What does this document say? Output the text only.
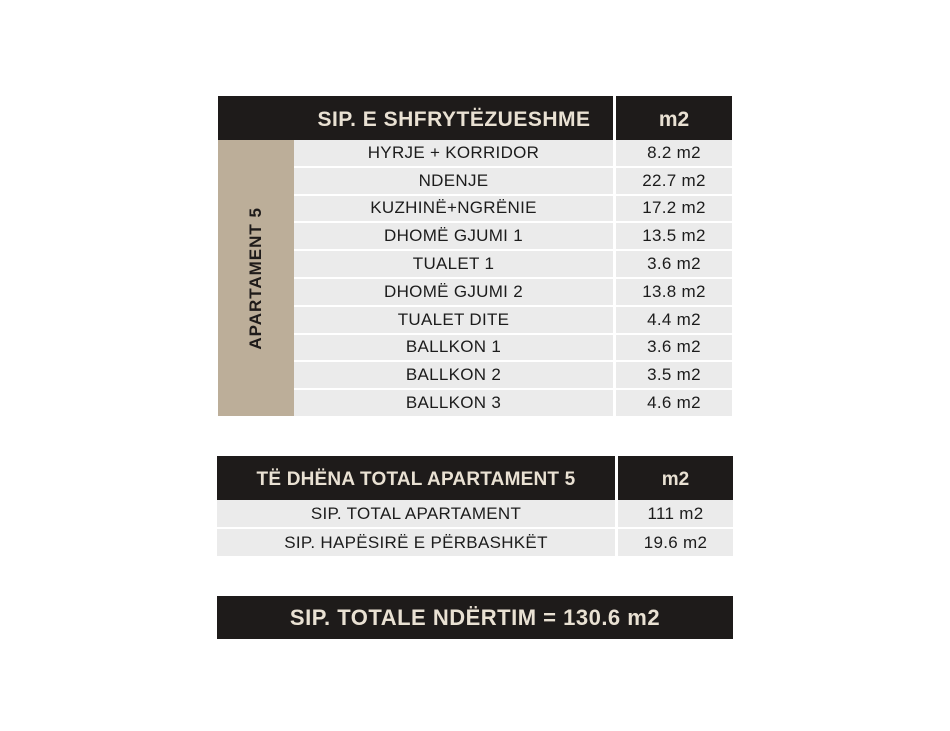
SIP. E SHFRYTËZUESHME	m2
APARTAMENT 5
HYRJE + KORRIDOR	8.2 m2
NDENJE	22.7 m2
KUZHINË+NGRËNIE	17.2 m2
DHOMË GJUMI 1	13.5 m2
TUALET 1	3.6 m2
DHOMË GJUMI 2	13.8 m2
TUALET DITE	4.4 m2
BALLKON 1	3.6 m2
BALLKON 2	3.5 m2
BALLKON 3	4.6 m2
TË DHËNA TOTAL APARTAMENT 5	m2
SIP. TOTAL APARTAMENT	111 m2
SIP. HAPËSIRË E PËRBASHKËT	19.6 m2
SIP. TOTALE NDËRTIM = 130.6 m2
